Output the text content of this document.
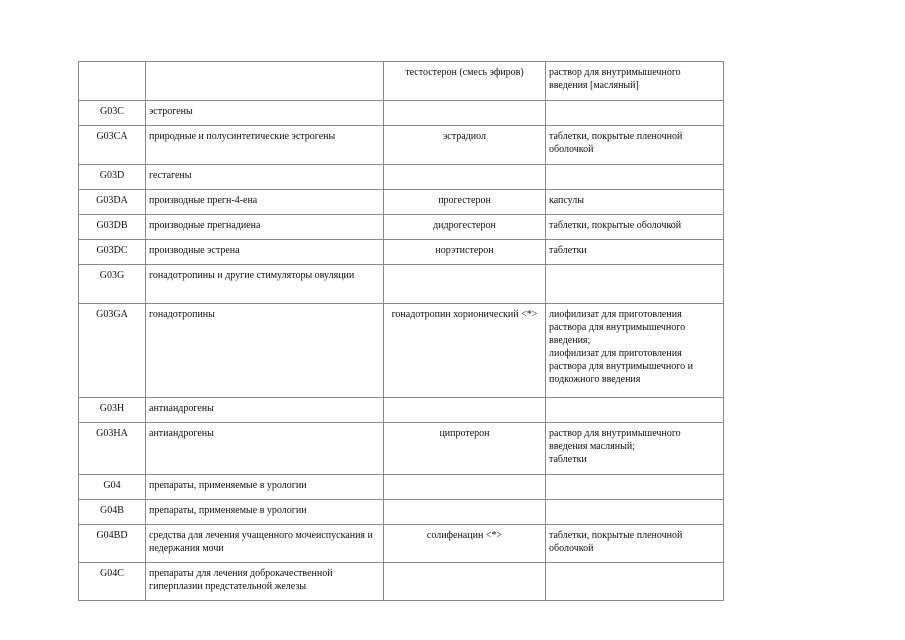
		тестостерон (смесь эфиров)	раствор для внутримышечного введения [масляный]
G03C	эстрогены		
G03CA	природные и полусинтетические эстрогены	эстрадиол	таблетки, покрытые пленочной оболочкой
G03D	гестагены		
G03DA	производные прегн-4-ена	прогестерон	капсулы
G03DB	производные прегнадиена	дидрогестерон	таблетки, покрытые оболочкой
G03DC	производные эстрена	норэтистерон	таблетки
G03G	гонадотропины и другие стимуляторы овуляции		
G03GA	гонадотропины	гонадотропин хорионический <*>	лиофилизат для приготовления раствора для внутримышечного введения;
лиофилизат для приготовления раствора для внутримышечного и подкожного введения
G03H	антиандрогены		
G03HA	антиандрогены	ципротерон	раствор для внутримышечного введения масляный;
таблетки
G04	препараты, применяемые в урологии		
G04B	препараты, применяемые в урологии		
G04BD	средства для лечения учащенного мочеиспускания и недержания мочи	солифенацин <*>	таблетки, покрытые пленочной оболочкой
G04C	препараты для лечения доброкачественной гиперплазии предстательной железы		
